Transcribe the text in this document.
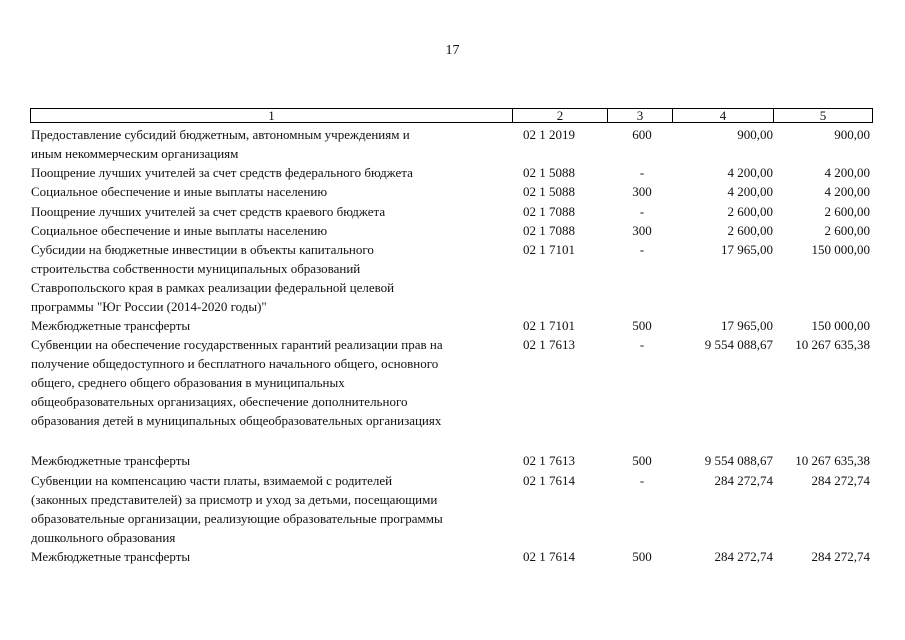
17
1	2	3	4	5
Предоставление субсидий бюджетным, автономным учреждениям и
иным некоммерческим организациям
02 1 2019	600	900,00	900,00
Поощрение лучших учителей за счет средств федерального бюджета	02 1 5088	-	4 200,00	4 200,00
Социальное обеспечение и иные выплаты населению	02 1 5088	300	4 200,00	4 200,00
Поощрение лучших учителей за счет средств краевого бюджета	02 1 7088	-	2 600,00	2 600,00
Социальное обеспечение и иные выплаты населению	02 1 7088	300	2 600,00	2 600,00
Субсидии на бюджетные инвестиции в объекты капитального
строительства собственности муниципальных образований
Ставропольского края в рамках реализации федеральной целевой
программы "Юг России (2014-2020 годы)"
02 1 7101	-	17 965,00	150 000,00
Межбюджетные трансферты	02 1 7101	500	17 965,00	150 000,00
Субвенции на обеспечение государственных гарантий реализации прав на
получение общедоступного и бесплатного начального общего, основного
общего, среднего общего образования в муниципальных
общеобразовательных организациях, обеспечение дополнительного
образования детей в муниципальных общеобразовательных организациях
02 1 7613	-	9 554 088,67	10 267 635,38
Межбюджетные трансферты	02 1 7613	500	9 554 088,67	10 267 635,38
Субвенции на компенсацию части платы, взимаемой с родителей
(законных представителей) за присмотр и уход за детьми, посещающими
образовательные организации, реализующие образовательные программы
дошкольного образования
02 1 7614	-	284 272,74	284 272,74
Межбюджетные трансферты	02 1 7614	500	284 272,74	284 272,74
